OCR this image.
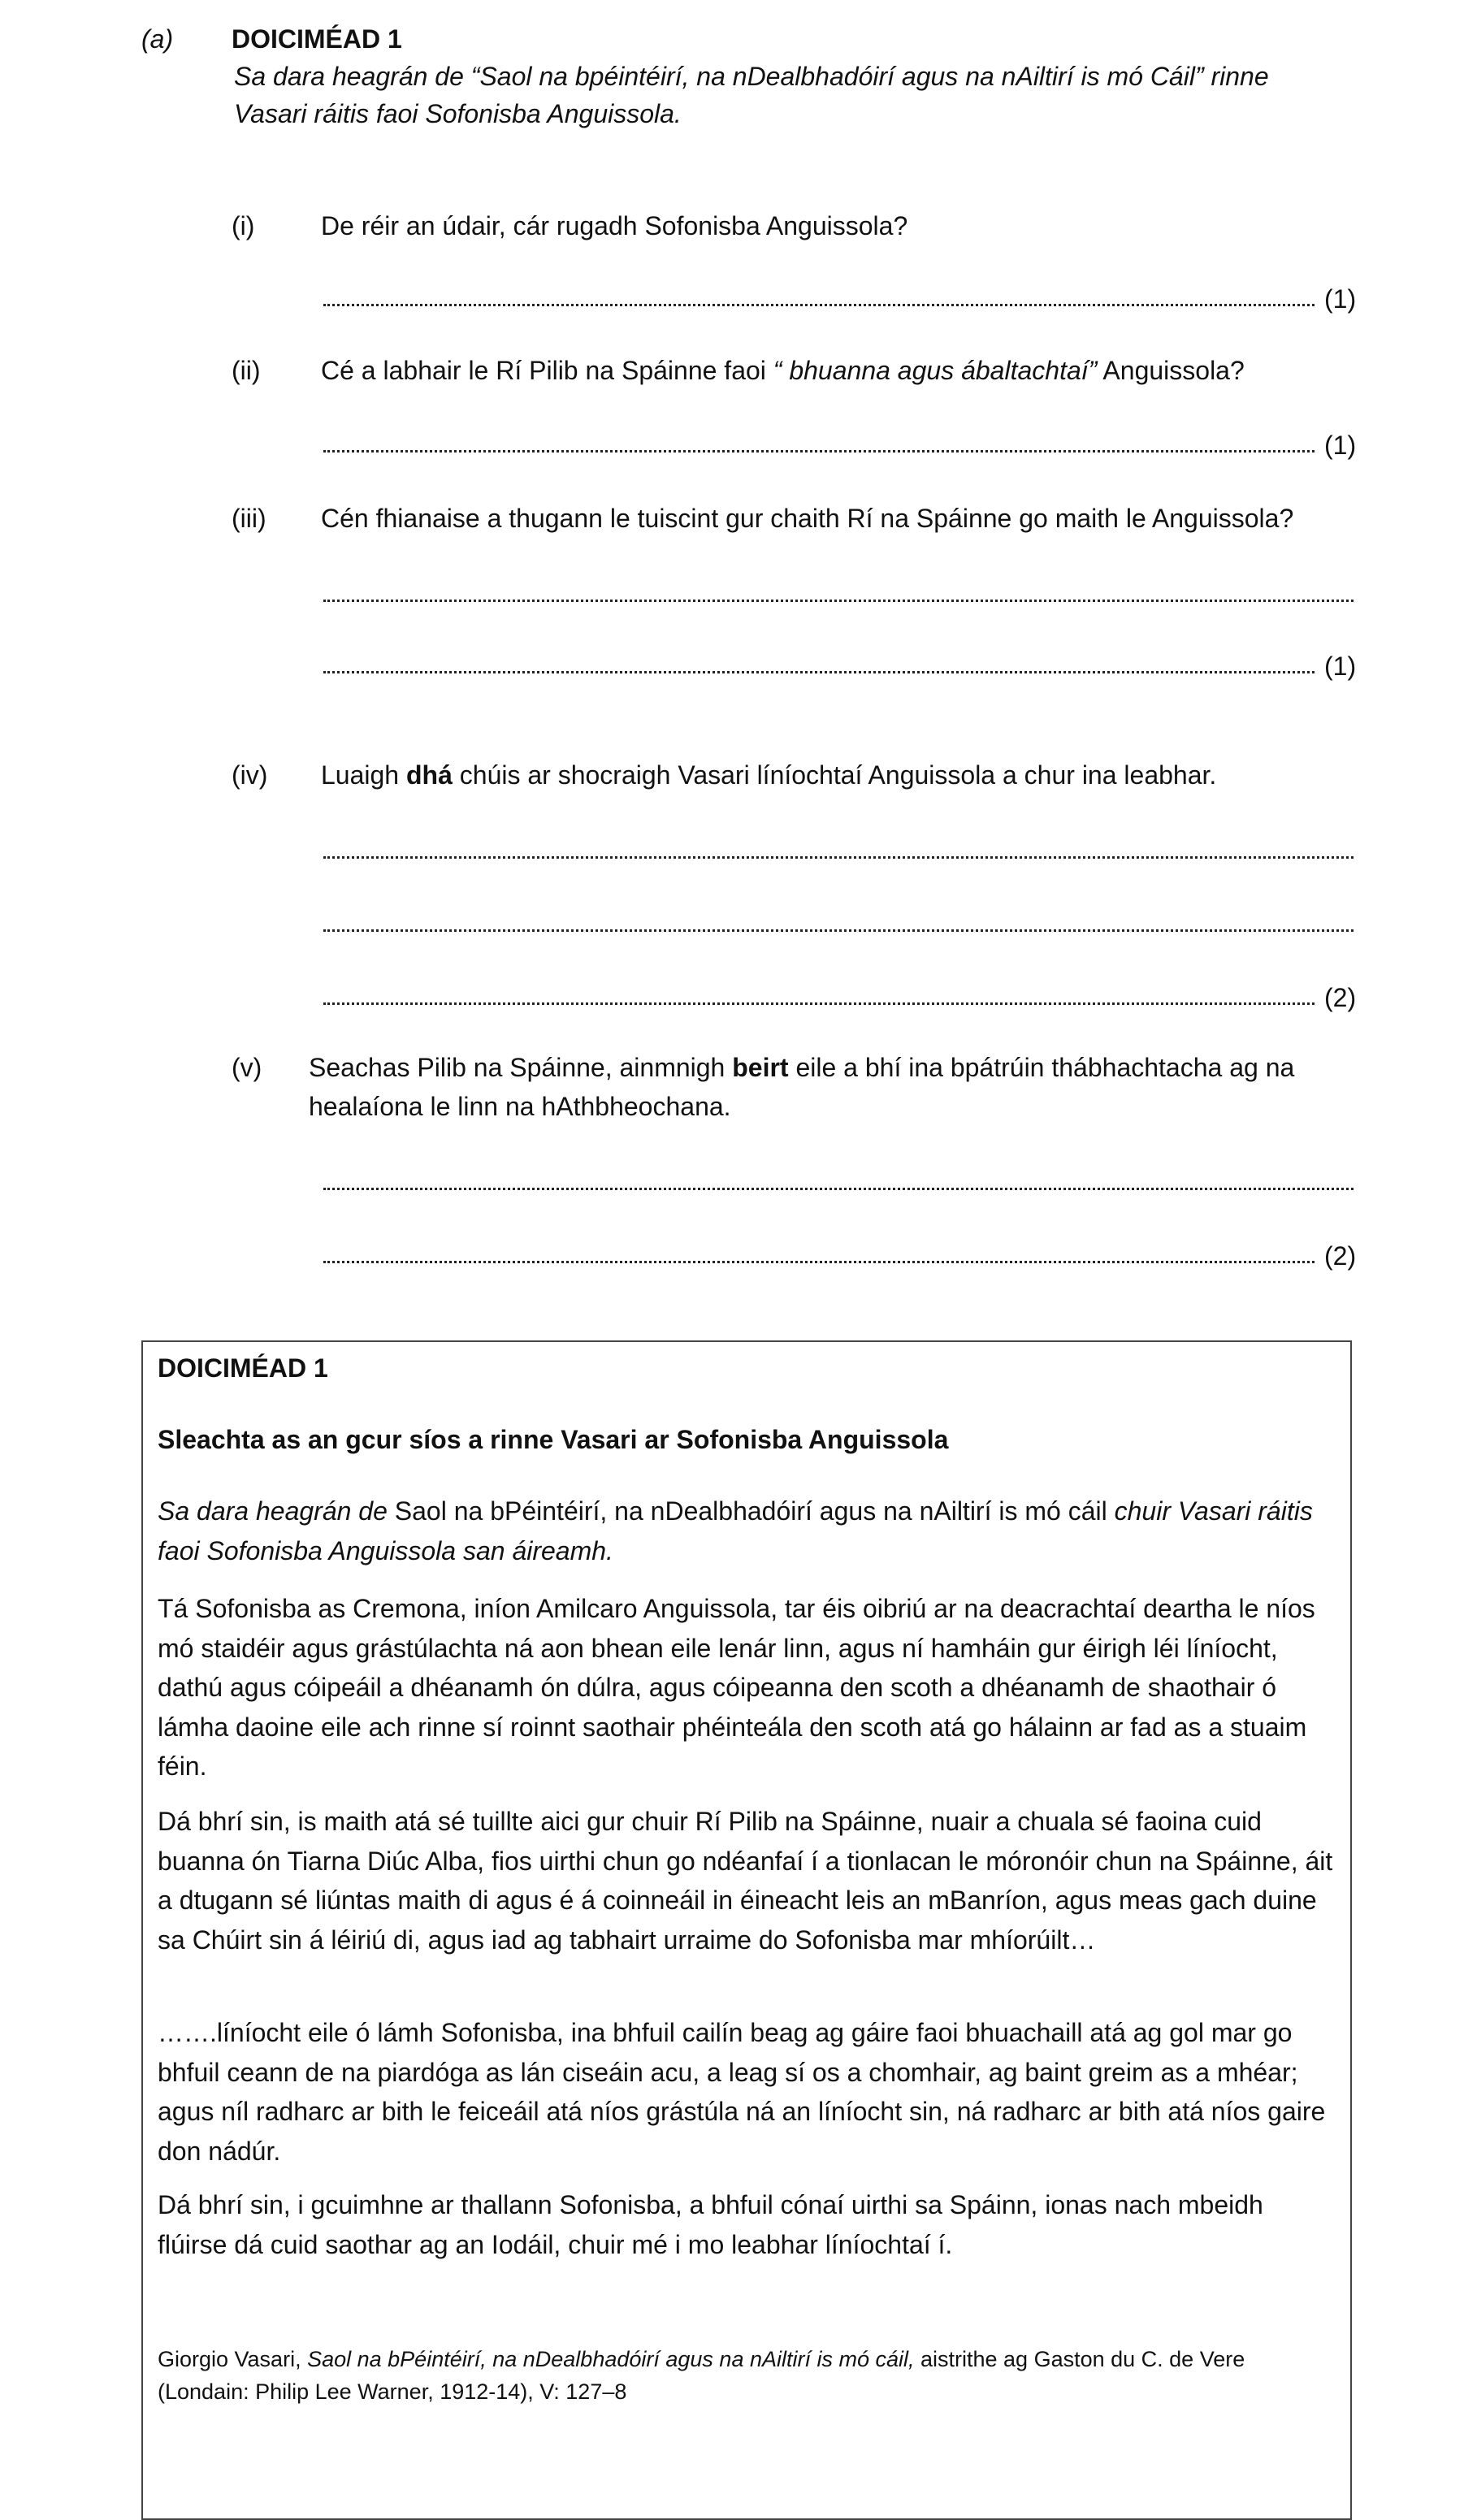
(a) DOICIMÉAD 1
Sa dara heagrán de “Saol na bpéintéirí, na nDealbhadóirí agus na nAiltirí is mó Cáil” rinne
Vasari ráitis faoi Sofonisba Anguissola.
(i)	De réir an údair, cár rugadh Sofonisba Anguissola?
(1)
(ii) Cé a labhair le Rí Pilib na Spáinne faoi “ bhuanna agus ábaltachtaí” Anguissola?
(1)
(iii) Cén fhianaise a thugann le tuiscint gur chaith Rí na Spáinne go maith le Anguissola?
(1)
(iv) Luaigh dhá chúis ar shocraigh Vasari líníochtaí Anguissola a chur ina leabhar.
(2)
(v) Seachas Pilib na Spáinne, ainmnigh beirt eile a bhí ina bpátrúin thábhachtacha ag na
healaíona le linn na hAthbheochana.
(2)
DOICIMÉAD 1
Sleachta as an gcur síos a rinne Vasari ar Sofonisba Anguissola
Sa dara heagrán de Saol na bPéintéirí, na nDealbhadóirí agus na nAiltirí is mó cáil chuir Vasari ráitis faoi Sofonisba Anguissola san áireamh.
Tá Sofonisba as Cremona, iníon Amilcaro Anguissola, tar éis oibriú ar na deacrachtaí deartha le níos mó staidéir agus grástúlachta ná aon bhean eile lenár linn, agus ní hamháin gur éirigh léi líníocht, dathú agus cóipeáil a dhéanamh ón dúlra, agus cóipeanna den scoth a dhéanamh de shaothair ó lámha daoine eile ach rinne sí roinnt saothair phéinteála den scoth atá go hálainn ar fad as a stuaim féin.
Dá bhrí sin, is maith atá sé tuillte aici gur chuir Rí Pilib na Spáinne, nuair a chuala sé faoina cuid buanna ón Tiarna Diúc Alba, fios uirthi chun go ndéanfaí í a tionlacan le móronóir chun na Spáinne, áit a dtugann sé liúntas maith di agus é á coinneáil in éineacht leis an mBanríon, agus meas gach duine sa Chúirt sin á léiriú di, agus iad ag tabhairt urraime do Sofonisba mar mhíorúilt…
…….líníocht eile ó lámh Sofonisba, ina bhfuil cailín beag ag gáire faoi bhuachaill atá ag gol mar go bhfuil ceann de na piardóga as lán ciseáin acu, a leag sí os a chomhair, ag baint greim as a mhéar; agus níl radharc ar bith le feiceáil atá níos grástúla ná an líníocht sin, ná radharc ar bith atá níos gaire don nádúr.
Dá bhrí sin, i gcuimhne ar thallann Sofonisba, a bhfuil cónaí uirthi sa Spáinn, ionas nach mbeidh flúirse dá cuid saothar ag an Iodáil, chuir mé i mo leabhar líníochtaí í.
Giorgio Vasari, Saol na bPéintéirí, na nDealbhadóirí agus na nAiltirí is mó cáil, aistrithe ag Gaston du C. de Vere
(Londain: Philip Lee Warner, 1912-14), V: 127–8
